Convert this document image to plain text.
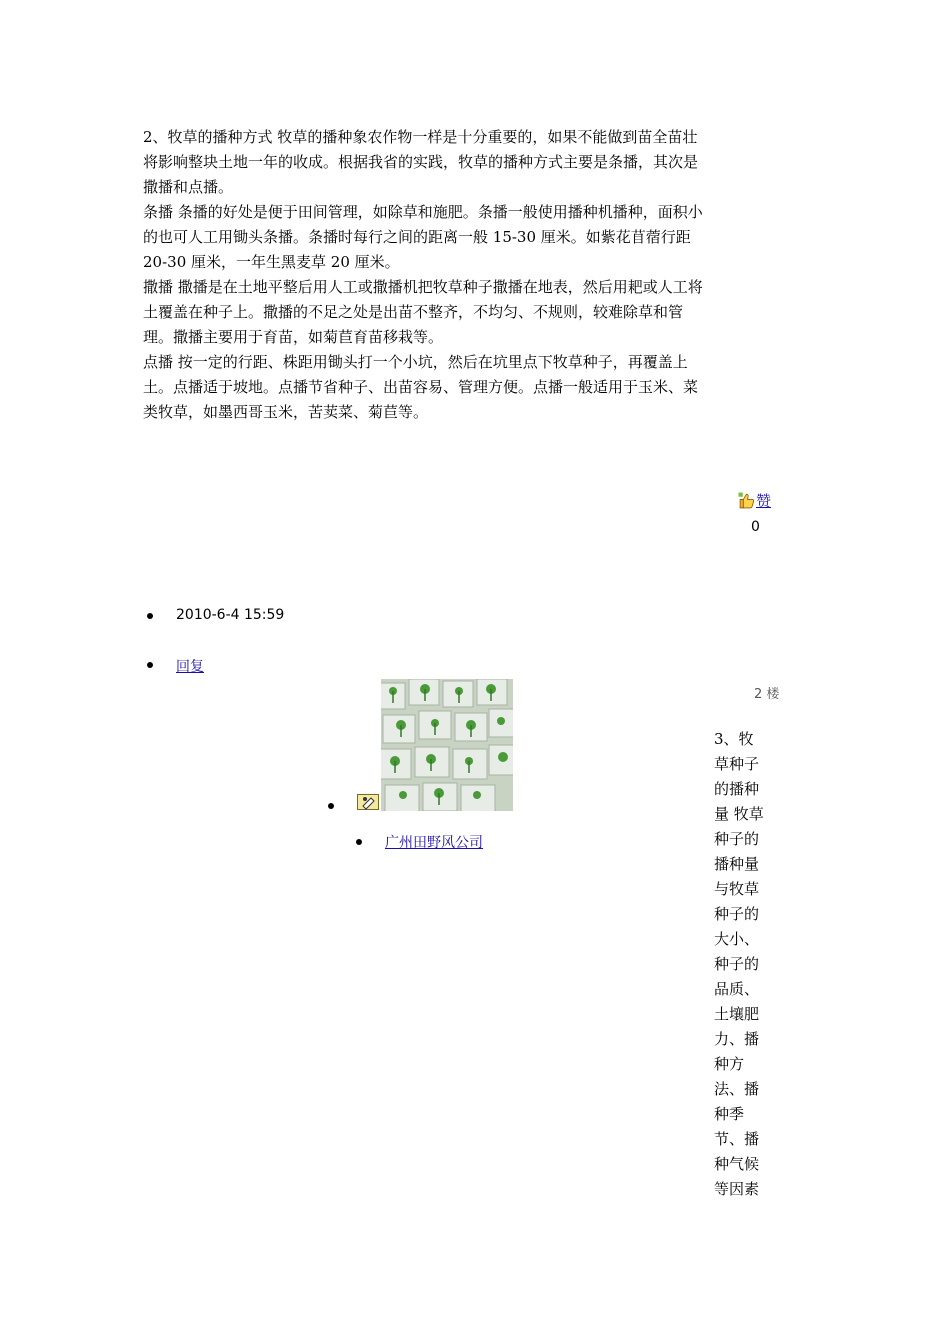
2、牧草的播种方式 牧草的播种象农作物一样是十分重要的，如果不能做到苗全苗壮将影响整块土地一年的收成。根据我省的实践，牧草的播种方式主要是条播，其次是撒播和点播。

条播 条播的好处是便于田间管理，如除草和施肥。条播一般使用播种机播种，面积小的也可人工用锄头条播。条播时每行之间的距离一般 15-30 厘米。如紫花苜蓿行距 20-30 厘米，一年生黑麦草 20 厘米。

撒播 撒播是在土地平整后用人工或撒播机把牧草种子撒播在地表，然后用耙或人工将土覆盖在种子上。撒播的不足之处是出苗不整齐，不均匀、不规则，较难除草和管理。撒播主要用于育苗，如菊苣育苗移栽等。

点播 按一定的行距、株距用锄头打一个小坑，然后在坑里点下牧草种子，再覆盖上土。点播适于坡地。点播节省种子、出苗容易、管理方便。点播一般适用于玉米、菜类牧草，如墨西哥玉米，苦荬菜、菊苣等。

赞
0
2010-6-4 15:59
回复
2 楼
广州田野风公司
3、牧草种子的播种量 牧草种子的播种量与牧草种子的大小、种子的品质、土壤肥力、播种方法、播种季节、播种气候等因素
